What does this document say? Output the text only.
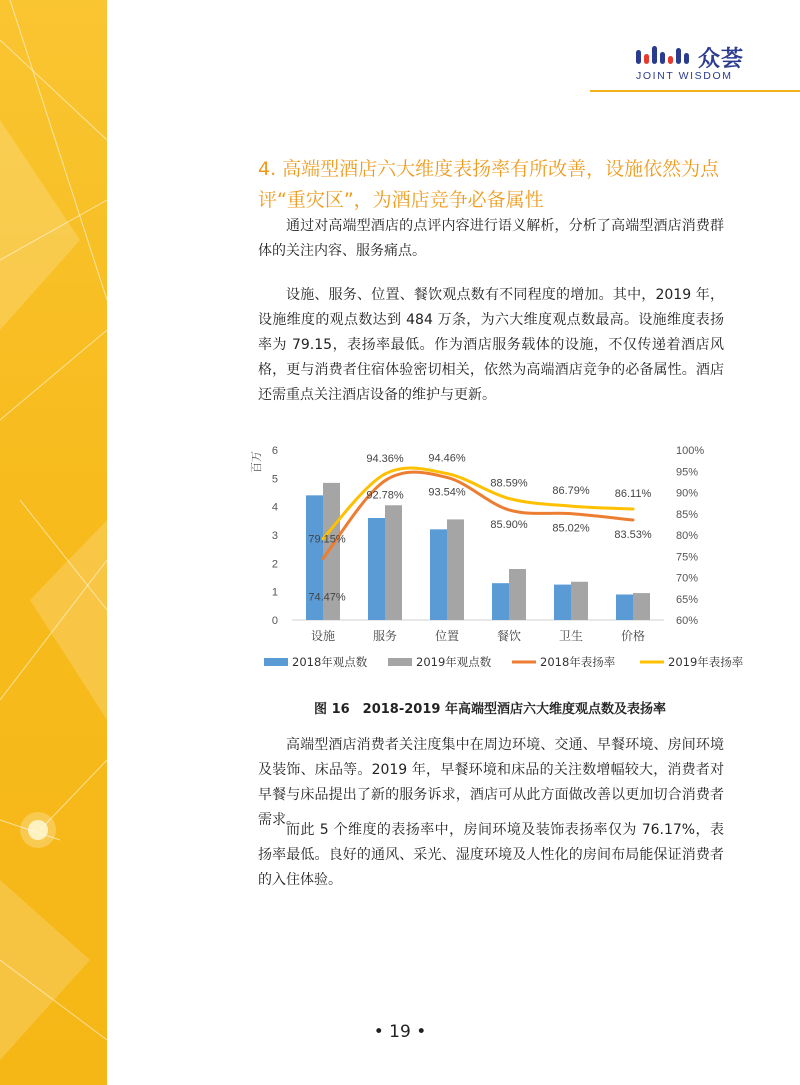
众荟
JOINT WISDOM
4. 高端型酒店六大维度表扬率有所改善，设施依然为点评“重灾区”，为酒店竞争必备属性

通过对高端型酒店的点评内容进行语义解析，分析了高端型酒店消费群体的关注内容、服务痛点。

设施、服务、位置、餐饮观点数有不同程度的增加。其中，2019 年，设施维度的观点数达到 484 万条，为六大维度观点数最高。设施维度表扬率为 79.15，表扬率最低。作为酒店服务载体的设施，不仅传递着酒店风格，更与消费者住宿体验密切相关，依然为高端酒店竞争的必备属性。酒店还需重点关注酒店设备的维护与更新。

0
1
2
3
4
5
6
60%
65%
70%
75%
80%
85%
90%
95%
100%
百万
设施	服务	位置	餐饮	卫生	价格
74.47%
92.78% 93.54%
85.90% 85.02%
83.53%
79.15%
94.36% 94.46%
88.59%
86.79% 86.11%
2018年观点数	2019年观点数	2018年表扬率	2019年表扬率
图 16　2018-2019 年高端型酒店六大维度观点数及表扬率

高端型酒店消费者关注度集中在周边环境、交通、早餐环境、房间环境及装饰、床品等。2019 年，早餐环境和床品的关注数增幅较大，消费者对早餐与床品提出了新的服务诉求，酒店可从此方面做改善以更加切合消费者需求。

而此 5 个维度的表扬率中，房间环境及装饰表扬率仅为 76.17%，表扬率最低。良好的通风、采光、湿度环境及人性化的房间布局能保证消费者的入住体验。

• 19 •
